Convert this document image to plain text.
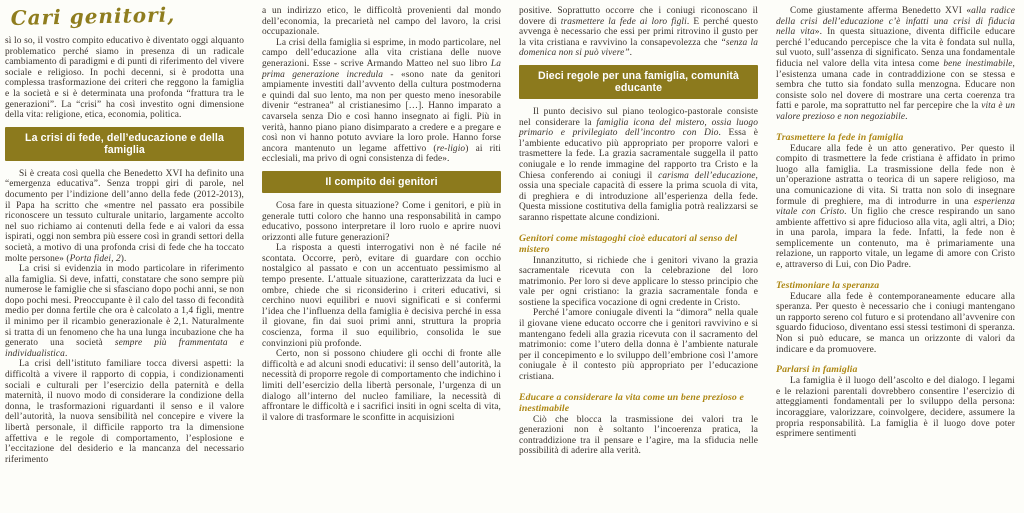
Cari genitori,

sì lo so, il vostro compito educativo è diventato oggi alquanto problematico perché siamo in presenza di un radicale cambiamento di paradigmi e di punti di riferimento del vivere sociale e religioso. In pochi decenni, si è prodotta una complessa trasformazione dei criteri che reggono la famiglia e la società e si è determinata una profonda “frattura tra le generazioni”. La “crisi” ha così investito ogni dimensione della vita: religione, etica, economia, politica.

La crisi di fede, dell’educazione e della famiglia

Si è creata così quella che Benedetto XVI ha definito una “emergenza educativa”. Senza troppi giri di parole, nel documento per l’indizione dell’anno della fede (2012-2013), il Papa ha scritto che «mentre nel passato era possibile riconoscere un tessuto culturale unitario, largamente accolto nel suo richiamo ai contenuti della fede e ai valori da essa ispirati, oggi non sembra più essere così in grandi settori della società, a motivo di una profonda crisi di fede che ha toccato molte persone» (Porta fidei, 2).

La crisi si evidenzia in modo particolare in riferimento alla famiglia. Si deve, infatti, constatare che sono sempre più numerose le famiglie che si sfasciano dopo pochi anni, se non dopo pochi mesi. Preoccupante è il calo del tasso di fecondità medio per donna fertile che ora è calcolato a 1,4 figli, mentre il minimo per il ricambio generazionale è 2,1. Naturalmente si tratta di un fenomeno che ha una lunga incubazione che ha generato una società sempre più frammentata e individualistica.

La crisi dell’istituto familiare tocca diversi aspetti: la difficoltà a vivere il rapporto di coppia, i condizionamenti sociali e culturali per l’esercizio della paternità e della maternità, il nuovo modo di considerare la condizione della donna, le trasformazioni riguardanti il senso e il valore dell’autorità, la nuova sensibilità nel concepire e vivere la libertà personale, il difficile rapporto tra la dimensione affettiva e le regole di comportamento, l’esplosione e l’eccitazione del desiderio e la mancanza del necessario riferimento

a un indirizzo etico, le difficoltà provenienti dal mondo dell’economia, la precarietà nel campo del lavoro, la crisi occupazionale.

La crisi della famiglia si esprime, in modo particolare, nel campo dell’educazione alla vita cristiana delle nuove generazioni. Esse - scrive Armando Matteo nel suo libro La prima generazione incredula - «sono nate da genitori ampiamente investiti dall’avvento della cultura postmoderna e quindi dal suo lento, ma non per questo meno inesorabile divenir “estranea” al cristianesimo […]. Hanno imparato a cavarsela senza Dio e così hanno insegnato ai figli. Più in verità, hanno piano piano disimparato a credere e a pregare e così non vi hanno potuto avviare la loro prole. Hanno forse ancora mantenuto un legame affettivo (re-ligio) ai riti ecclesiali, ma privo di ogni consistenza di fede».

Il compito dei genitori

Cosa fare in questa situazione? Come i genitori, e più in generale tutti coloro che hanno una responsabilità in campo educativo, possono interpretare il loro ruolo e aprire nuovi orizzonti alle future generazioni?

La risposta a questi interrogativi non è né facile né scontata. Occorre, però, evitare di guardare con occhio nostalgico al passato e con un accentuato pessimismo al tempo presente. L’attuale situazione, caratterizzata da luci e ombre, chiede che si riconsiderino i criteri educativi, si cerchino nuovi equilibri e nuovi significati e si confermi l’idea che l’influenza della famiglia è decisiva perché in essa il giovane, fin dai suoi primi anni, struttura la propria coscienza, forma il suo equilibrio, consolida le sue convinzioni più profonde.

Certo, non si possono chiudere gli occhi di fronte alle difficoltà e ad alcuni snodi educativi: il senso dell’autorità, la necessità di proporre regole di comportamento che indichino i limiti dell’esercizio della libertà personale, l’urgenza di un dialogo all’interno del nucleo familiare, la necessità di affrontare le difficoltà e i sacrifici insiti in ogni scelta di vita, il valore di trasformare le sconfitte in acquisizioni

positive. Soprattutto occorre che i coniugi riconoscano il dovere di trasmettere la fede ai loro figli. E perché questo avvenga è necessario che essi per primi ritrovino il gusto per la vita cristiana e ravvivino la consapevolezza che “senza la domenica non si può vivere”.

Dieci regole per una famiglia, comunità educante

Il punto decisivo sul piano teologico-pastorale consiste nel considerare la famiglia icona del mistero, ossia luogo primario e privilegiato dell’incontro con Dio. Essa è l’ambiente educativo più appropriato per proporre valori e trasmettere la fede. La grazia sacramentale suggella il patto coniugale e lo rende immagine del rapporto tra Cristo e la Chiesa conferendo ai coniugi il carisma dell’educazione, ossia una speciale capacità di essere la prima scuola di vita, di preghiera e di introduzione all’esperienza della fede. Questa missione costitutiva della famiglia potrà realizzarsi se saranno rispettate alcune condizioni.

Genitori come mistagoghi cioè educatori al senso del mistero

Innanzitutto, si richiede che i genitori vivano la grazia sacramentale ricevuta con la celebrazione del loro matrimonio. Per loro si deve applicare lo stesso principio che vale per ogni cristiano: la grazia sacramentale fonda e sostiene la specifica vocazione di ogni credente in Cristo.

Perché l’amore coniugale diventi la “dimora” nella quale il giovane viene educato occorre che i genitori ravvivino e si mantengano fedeli alla grazia ricevuta con il sacramento del matrimonio: come l’utero della donna è l’ambiente naturale per il concepimento e lo sviluppo dell’embrione così l’amore coniugale è il contesto più appropriato per l’educazione cristiana.

Educare a considerare la vita come un bene prezioso e inestimabile

Ciò che blocca la trasmissione dei valori tra le generazioni non è soltanto l’incoerenza pratica, la contraddizione tra il pensare e l’agire, ma la sfiducia nelle possibilità di aderire alla verità.

Come giustamente afferma Benedetto XVI «alla radice della crisi dell’educazione c’è infatti una crisi di fiducia nella vita». In questa situazione, diventa difficile educare perché l’educando percepisce che la vita è fondata sul nulla, sul vuoto, sull’assenza di significato. Senza una fondamentale fiducia nel valore della vita intesa come bene inestimabile, l’esistenza umana cade in contraddizione con se stessa e sembra che tutto sia fondato sulla menzogna. Educare non consiste solo nel dovere di mostrare una certa coerenza tra fatti e parole, ma soprattutto nel far percepire che la vita è un valore prezioso e non negoziabile.

Trasmettere la fede in famiglia

Educare alla fede è un atto generativo. Per questo il compito di trasmettere la fede cristiana è affidato in primo luogo alla famiglia. La trasmissione della fede non è un’operazione astratta o teorica di un sapere religioso, ma una comunicazione di vita. Si tratta non solo di insegnare formule di preghiere, ma di introdurre in una esperienza vitale con Cristo. Un figlio che cresce respirando un sano ambiente affettivo si apre fiducioso alla vita, agli altri, a Dio; in una parola, impara la fede. Infatti, la fede non è semplicemente un contenuto, ma è primariamente una relazione, un rapporto vitale, un legame di amore con Cristo e, attraverso di Lui, con Dio Padre.

Testimoniare la speranza

Educare alla fede è contemporaneamente educare alla speranza. Per questo è necessario che i coniugi mantengano un rapporto sereno col futuro e si protendano all’avvenire con sguardo fiducioso, diventano essi stessi testimoni di speranza. Non si può educare, se manca un orizzonte di valori da indicare e da promuovere.

Parlarsi in famiglia

La famiglia è il luogo dell’ascolto e del dialogo. I legami e le relazioni parentali dovrebbero consentire l’esercizio di atteggiamenti fondamentali per lo sviluppo della persona: incoraggiare, valorizzare, coinvolgere, decidere, assumere la propria responsabilità. La famiglia è il luogo dove poter esprimere sentimenti
